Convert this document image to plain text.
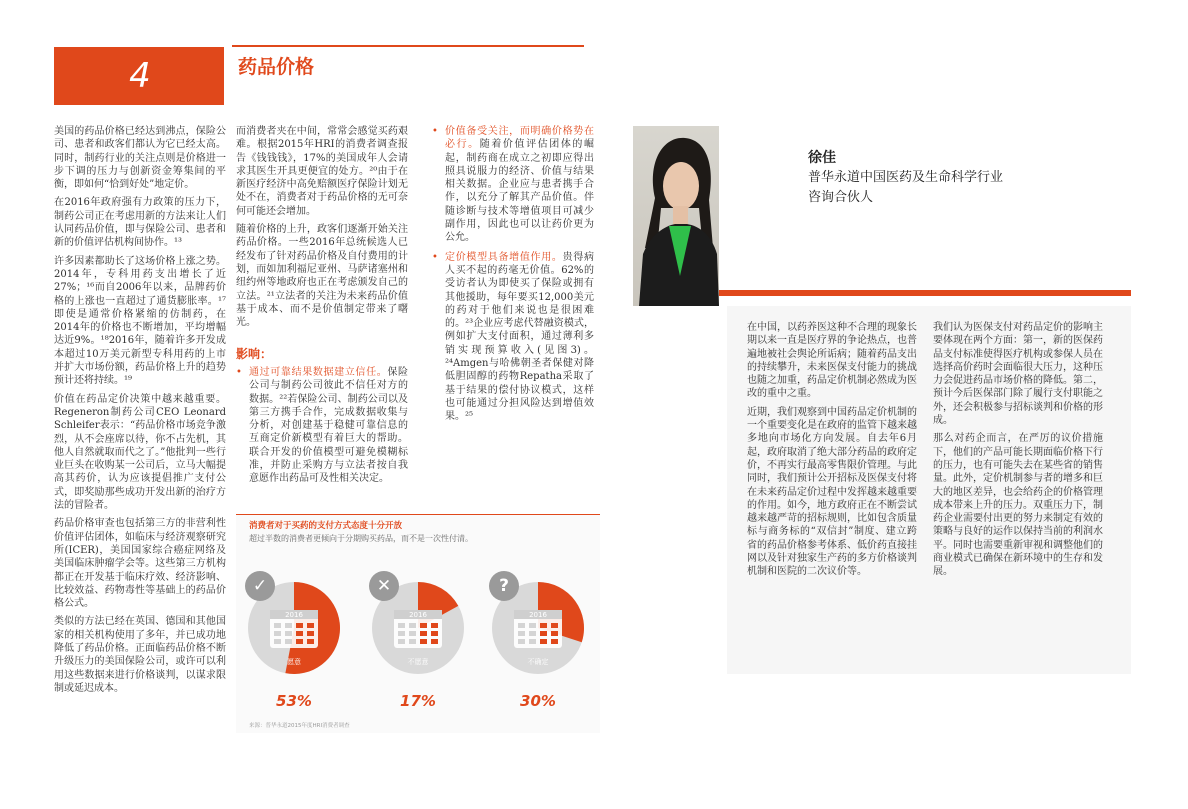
4	药品价格

美国的药品价格已经达到沸点，保险公司、患者和政客们都认为它已经太高。同时，制药行业的关注点则是价格进一步下调的压力与创新资金筹集间的平衡，即如何“恰到好处”地定价。

在2016年政府强有力政策的压力下，制药公司正在考虑用新的方法来让人们认同药品价值，即与保险公司、患者和新的价值评估机构间协作。¹³

许多因素都助长了这场价格上涨之势。2014年，专科用药支出增长了近27%；¹⁶而自2006年以来，品牌药价格的上涨也一直超过了通货膨胀率。¹⁷即使是通常价格紧缩的仿制药，在2014年的价格也不断增加，平均增幅达近9%。¹⁸2016年，随着许多开发成本超过10万美元新型专科用药的上市并扩大市场份额，药品价格上升的趋势预计还将持续。¹⁹

价值在药品定价决策中越来越重要。Regeneron制药公司CEO Leonard Schleifer表示：“药品价格市场竞争激烈，从不会座席以待，你不占先机，其他人自然就取而代之了。”他批判一些行业巨头在收购某一公司后，立马大幅提高其药价，认为应该提倡推广支付公式，即奖励那些成功开发出新的治疗方法的冒险者。

药品价格审查也包括第三方的非营利性价值评估团体，如临床与经济观察研究所(ICER)，美国国家综合癌症网络及美国临床肿瘤学会等。这些第三方机构都正在开发基于临床疗效、经济影响、比较效益、药物毒性等基础上的药品价格公式。

类似的方法已经在英国、德国和其他国家的相关机构使用了多年，并已成功地降低了药品价格。正面临药品价格不断升级压力的美国保险公司，或许可以利用这些数据来进行价格谈判，以谋求限制或延迟成本。

而消费者夹在中间，常常会感觉买药艰难。根据2015年HRI的消费者调查报告《钱钱钱》，17%的美国成年人会请求其医生开具更便宜的处方。²⁰由于在新医疗经济中高免赔额医疗保险计划无处不在，消费者对于药品价格的无可奈何可能还会增加。

随着价格的上升，政客们逐渐开始关注药品价格。一些2016年总统候选人已经发布了针对药品价格及自付费用的计划，而如加利福尼亚州、马萨诸塞州和纽约州等地政府也正在考虑颁发自己的立法。²¹立法者的关注为未来药品价值基于成本、而不是价值制定带来了曙光。

影响：
• 通过可靠结果数据建立信任。保险公司与制药公司彼此不信任对方的数据。²²若保险公司、制药公司以及第三方携手合作，完成数据收集与分析，对创建基于稳健可靠信息的互商定价新模型有着巨大的帮助。联合开发的价值模型可避免模糊标准，并防止采购方与立法者按自我意愿作出药品可及性相关决定。
• 价值备受关注，而明确价格势在必行。随着价值评估团体的崛起，制药商在成立之初即应得出照具说服力的经济、价值与结果相关数据。企业应与患者携手合作，以充分了解其产品价值。伴随诊断与技术等增值项目可减少副作用，因此也可以让药价更为公允。
• 定价模型具备增值作用。贵得病人买不起的药毫无价值。62%的受访者认为即使买了保险或拥有其他援助，每年要买12,000美元的药对于他们来说也是很困难的。²³企业应考虑代替融资模式，例如扩大支付面积，通过薄利多销实现预算收入(见图3)。²⁴Amgen与哈佛朝圣者保健对降低胆固醇的药物Repatha采取了基于结果的偿付协议模式，这样也可能通过分担风险达到增值效果。²⁵
消费者对于买药的支付方式态度十分开放
超过半数的消费者更倾向于分期购买药品，而不是一次性付清。
2016
✓
愿意
53%
2016
✕
不愿意
17%
2016
?
不确定
30%
来源：普华永道2015年度HRI消费者调查
徐佳
普华永道中国医药及生命科学行业
咨询合伙人

在中国，以药养医这种不合理的现象长期以来一直是医疗界的争论热点，也普遍地被社会舆论所诟病；随着药品支出的持续攀升，未来医保支付能力的挑战也随之加重，药品定价机制必然成为医改的重中之重。

近期，我们观察到中国药品定价机制的一个重要变化是在政府的监管下越来越多地向市场化方向发展。自去年6月起，政府取消了绝大部分药品的政府定价，不再实行最高零售限价管理。与此同时，我们预计公开招标及医保支付将在未来药品定价过程中发挥越来越重要的作用。如今，地方政府正在不断尝试越来越严苛的招标规则，比如包含质量标与商务标的“双信封”制度、建立跨省的药品价格参考体系、低价药直接挂网以及针对独家生产药的多方价格谈判机制和医院的二次议价等。

我们认为医保支付对药品定价的影响主要体现在两个方面：第一，新的医保药品支付标准使得医疗机构或参保人员在选择高价药时会面临很大压力，这种压力会促进药品市场价格的降低。第二，预计今后医保部门除了履行支付职能之外，还会积极参与招标谈判和价格的形成。

那么对药企而言，在严厉的议价措施下，他们的产品可能长期面临价格下行的压力，也有可能失去在某些省的销售量。此外，定价机制参与者的增多和巨大的地区差异，也会给药企的价格管理成本带来上升的压力。双重压力下，制药企业需要付出更的努力来制定有效的策略与良好的运作以保持当前的利润水平。同时也需要重新审视和调整他们的商业模式已确保在新环境中的生存和发展。
